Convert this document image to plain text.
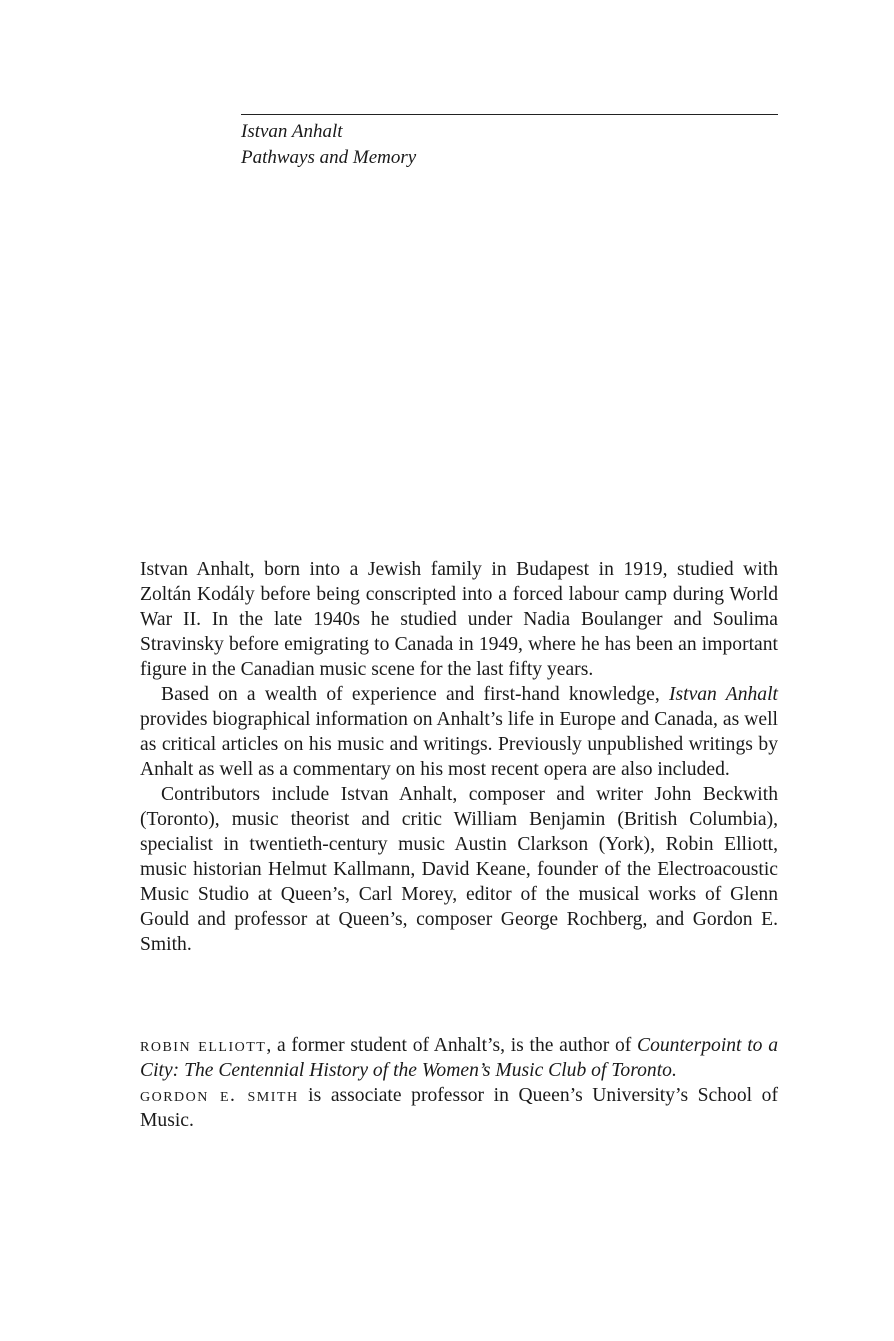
Istvan Anhalt
Pathways and Memory

Istvan Anhalt, born into a Jewish family in Budapest in 1919, studied with Zoltán Kodály before being conscripted into a forced labour camp during World War II. In the late 1940s he studied under Nadia Boulanger and Soulima Stravinsky before emigrating to Canada in 1949, where he has been an important figure in the Canadian music scene for the last fifty years.

Based on a wealth of experience and first-hand knowledge, Istvan Anhalt provides biographical information on Anhalt’s life in Europe and Canada, as well as critical articles on his music and writings. Previously unpublished writings by Anhalt as well as a commentary on his most recent opera are also included.

Contributors include Istvan Anhalt, composer and writer John Beckwith (Toronto), music theorist and critic William Benjamin (British Columbia), specialist in twentieth-century music Austin Clarkson (York), Robin Elliott, music historian Helmut Kallmann, David Keane, founder of the Electroacoustic Music Studio at Queen’s, Carl Morey, editor of the musical works of Glenn Gould and professor at Queen’s, composer George Rochberg, and Gordon E. Smith.

robin elliott, a former student of Anhalt’s, is the author of Counterpoint to a City: The Centennial History of the Women’s Music Club of Toronto.

gordon e. smith is associate professor in Queen’s University’s School of Music.
